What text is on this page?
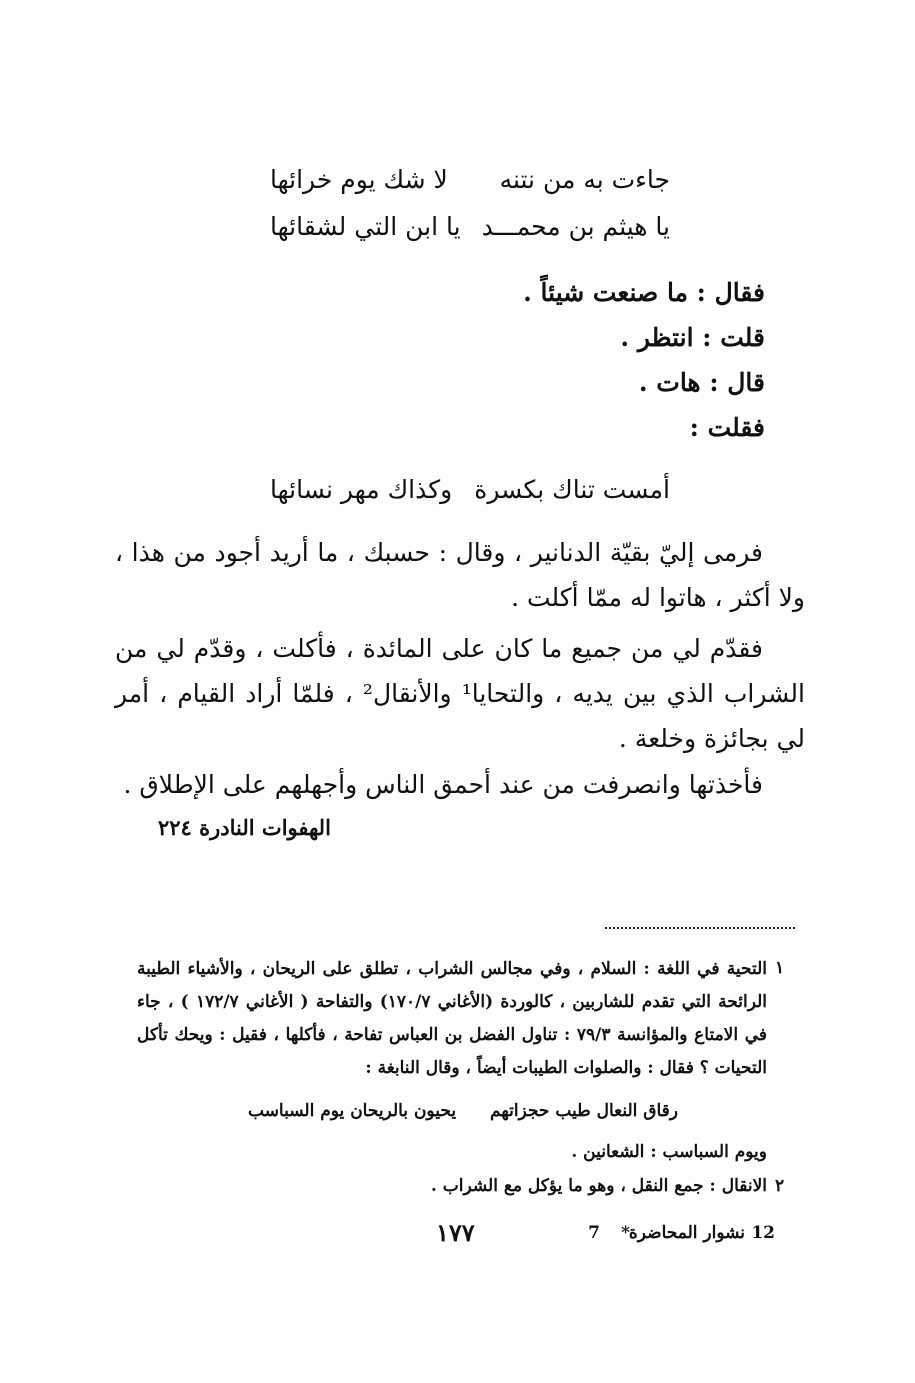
جاءت به من نتنه
لا شك يوم خرائها
يا هيثم بن محمـــد
يا ابن التي لشقائها
فقال : ما صنعت شيئاً .
قلت : انتظر .
قال : هات .
فقلت :
أمست تناك بكسرة
وكذاك مهر نسائها
فرمى إليّ بقيّة الدنانير ، وقال : حسبك ، ما أريد أجود من هذا ، ولا أكثر ، هاتوا له ممّا أكلت .
فقدّم لي من جميع ما كان على المائدة ، فأكلت ، وقدّم لي من الشراب الذي بين يديه ، والتحايا¹ والأنقال² ، فلمّا أراد القيام ، أمر لي بجائزة وخلعة .
فأخذتها وانصرفت من عند أحمق الناس وأجهلهم على الإطلاق .
الهفوات النادرة ٢٢٤
١
التحية في اللغة : السلام ، وفي مجالس الشراب ، تطلق على الريحان ، والأشياء الطيبة الرائحة التي تقدم للشاربين ، كالوردة (الأغاني ١٧٠/٧) والتفاحة ( الأغاني ١٧٢/٧ ) ، جاء في الامتاع والمؤانسة ٧٩/٣ : تناول الفضل بن العباس تفاحة ، فأكلها ، فقيل : ويحك تأكل التحيات ؟ فقال : والصلوات الطيبات أيضاً ، وقال النابغة :
رقاق النعال طيب حجزاتهم
يحيون بالريحان يوم السباسب
ويوم السباسب : الشعانين .
٢
الانقال : جمع النقل ، وهو ما يؤكل مع الشراب .
١٧٧	12
نشوار المحاضرة
*
7
